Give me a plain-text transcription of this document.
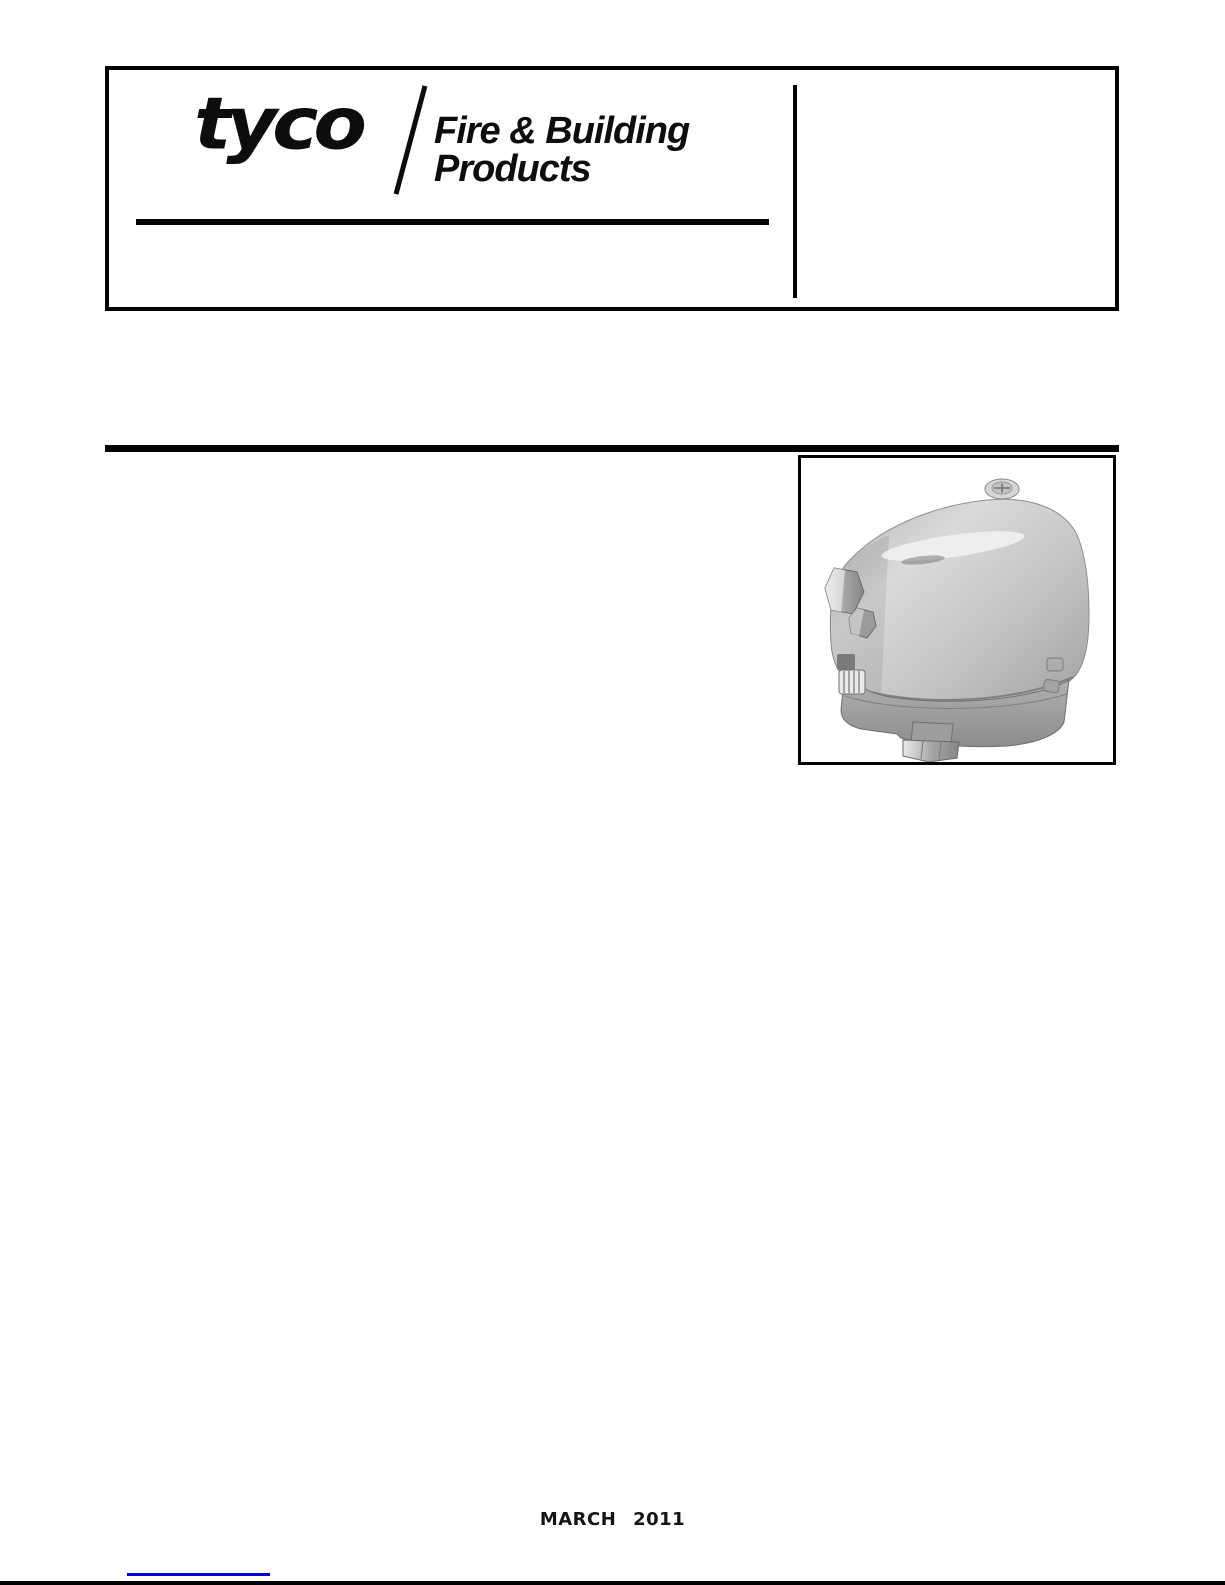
tyco Fire & Building
Products
MARCH 2011
